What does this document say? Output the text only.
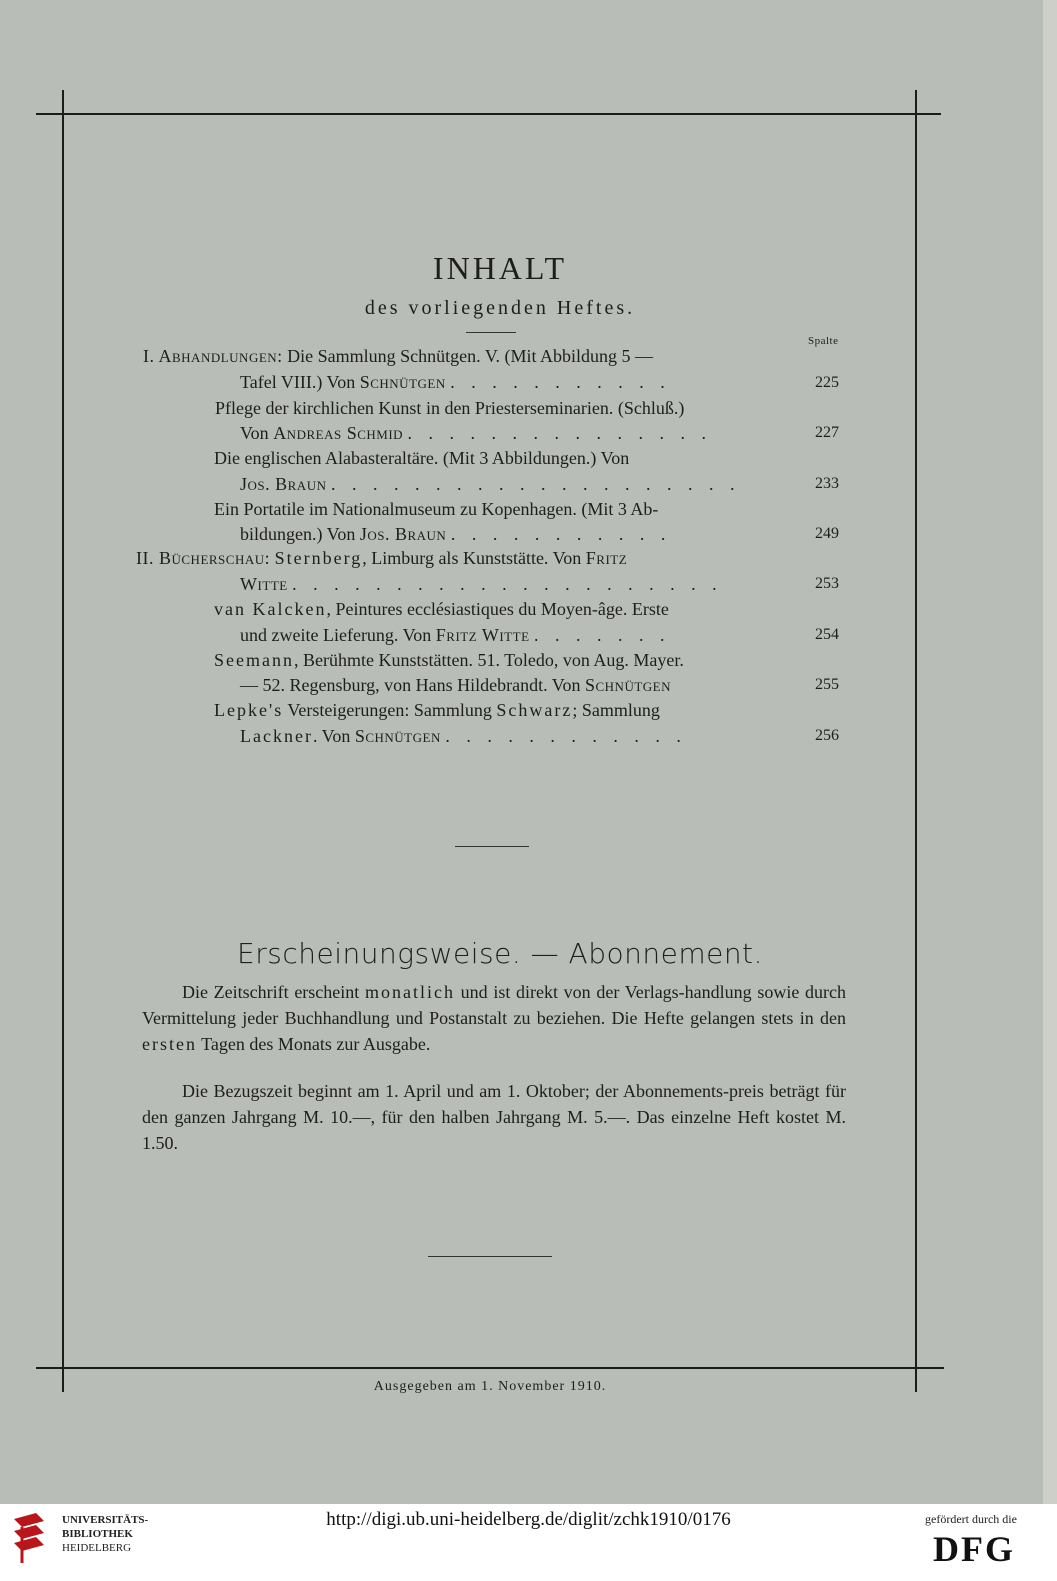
INHALT
des vorliegenden Heftes.
Spalte
I. Abhandlungen: Die Sammlung Schnütgen. V. (Mit Abbildung 5 —
Tafel VIII.) Von Schnütgen . . . . . . . . . . .	225
Pflege der kirchlichen Kunst in den Priesterseminarien. (Schluß.)
Von Andreas Schmid . . . . . . . . . . . . . . .	227
Die englischen Alabasteraltäre. (Mit 3 Abbildungen.) Von
Jos. Braun . . . . . . . . . . . . . . . . . . . .	233
Ein Portatile im Nationalmuseum zu Kopenhagen. (Mit 3 Ab-
bildungen.) Von Jos. Braun . . . . . . . . . . .	249
II. Bücherschau: Sternberg, Limburg als Kunststätte. Von Fritz
Witte . . . . . . . . . . . . . . . . . . . . .	253
van Kalcken, Peintures ecclésiastiques du Moyen-âge. Erste
und zweite Lieferung. Von Fritz Witte . . . . . . .	254
Seemann, Berühmte Kunststätten. 51. Toledo, von Aug. Mayer.
— 52. Regensburg, von Hans Hildebrandt. Von Schnütgen	255
Lepke's Versteigerungen: Sammlung Schwarz; Sammlung
Lackner. Von Schnütgen . . . . . . . . . . . .	256
Erscheinungsweise. — Abonnement.
Die Zeitschrift erscheint monatlich und ist direkt von der Verlags-handlung sowie durch Vermittelung jeder Buchhandlung und Postanstalt zu beziehen. Die Hefte gelangen stets in den ersten Tagen des Monats zur Ausgabe.
Die Bezugszeit beginnt am 1. April und am 1. Oktober; der Abonnements-preis beträgt für den ganzen Jahrgang M. 10.—, für den halben Jahrgang M. 5.—. Das einzelne Heft kostet M. 1.50.
Ausgegeben am 1. November 1910.
UNIVERSITÄTS-
BIBLIOTHEK
HEIDELBERG
http://digi.ub.uni-heidelberg.de/diglit/zchk1910/0176	gefördert durch die
DFG
